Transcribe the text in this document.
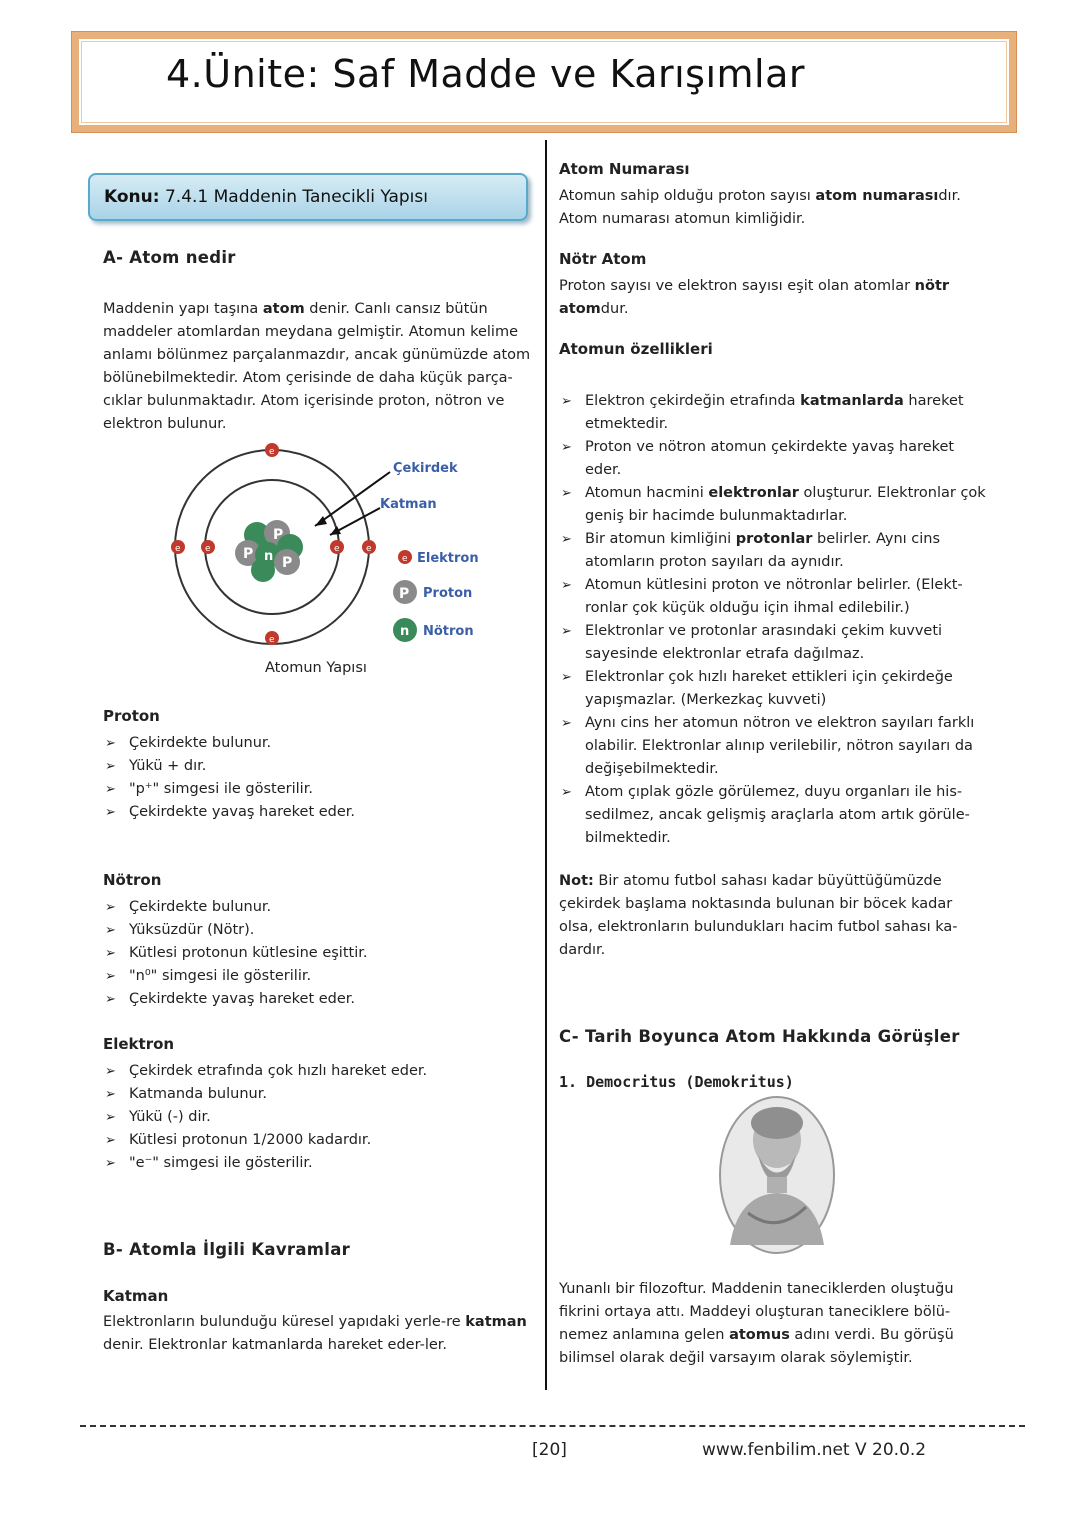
4.Ünite: Saf Madde ve Karışımlar
Konu: 7.4.1 Maddenin Tanecikli Yapısı
A- Atom nedir

Maddenin yapı taşına atom denir. Canlı cansız bütün maddeler atomlardan meydana gelmiştir. Atomun kelime anlamı bölünmez parçalanmazdır, ancak günümüzde atom bölünebilmektedir. Atom çerisinde de daha küçük parça-cıklar bulunmaktadır. Atom içerisinde proton, nötron ve elektron bulunur.

P
P
P
n
e
e
e	e	e	e
Çekirdek
Katman
e Elektron
P Proton
n Nötron
Atomun Yapısı
Proton
➢ Çekirdekte bulunur.
➢ Yükü + dır.
➢ "p⁺" simgesi ile gösterilir.
➢ Çekirdekte yavaş hareket eder.
Nötron
➢ Çekirdekte bulunur.
➢ Yüksüzdür (Nötr).
➢ Kütlesi protonun kütlesine eşittir.
➢ "n⁰" simgesi ile gösterilir.
➢ Çekirdekte yavaş hareket eder.
Elektron
➢ Çekirdek etrafında çok hızlı hareket eder.
➢ Katmanda bulunur.
➢ Yükü (-) dir.
➢ Kütlesi protonun 1/2000 kadardır.
➢ "e⁻" simgesi ile gösterilir.
B- Atomla İlgili Kavramlar
Katman

Elektronların bulunduğu küresel yapıdaki yerle-re katman denir. Elektronlar katmanlarda hareket eder-ler.

Atom Numarası

Atomun sahip olduğu proton sayısı atom numarasıdır. Atom numarası atomun kimliğidir.

Nötr Atom

Proton sayısı ve elektron sayısı eşit olan atomlar nötr atomdur.

Atomun özellikleri
➢ Elektron çekirdeğin etrafında katmanlarda hareket etmektedir.
➢ Proton ve nötron atomun çekirdekte yavaş hareket eder.
➢ Atomun hacmini elektronlar oluşturur. Elektronlar çok geniş bir hacimde bulunmaktadırlar.
➢ Bir atomun kimliğini protonlar belirler. Aynı cins atomların proton sayıları da aynıdır.
➢ Atomun kütlesini proton ve nötronlar belirler. (Elekt-ronlar çok küçük olduğu için ihmal edilebilir.)
➢ Elektronlar ve protonlar arasındaki çekim kuvveti sayesinde elektronlar etrafa dağılmaz.
➢ Elektronlar çok hızlı hareket ettikleri için çekirdeğe yapışmazlar. (Merkezkaç kuvveti)
➢ Aynı cins her atomun nötron ve elektron sayıları farklı olabilir. Elektronlar alınıp verilebilir, nötron sayıları da değişebilmektedir.
➢ Atom çıplak gözle görülemez, duyu organları ile his-sedilmez, ancak gelişmiş araçlarla atom artık görüle-bilmektedir.

Not: Bir atomu futbol sahası kadar büyüttüğümüzde çekirdek başlama noktasında bulunan bir böcek kadar olsa, elektronların bulundukları hacim futbol sahası ka-dardır.

C- Tarih Boyunca Atom Hakkında Görüşler
1. Democritus (Demokritus)

Yunanlı bir filozoftur. Maddenin taneciklerden oluştuğu fikrini ortaya attı. Maddeyi oluşturan taneciklere bölü-nemez anlamına gelen atomus adını verdi. Bu görüşü bilimsel olarak değil varsayım olarak söylemiştir.

[20]	www.fenbilim.net V 20.0.2
